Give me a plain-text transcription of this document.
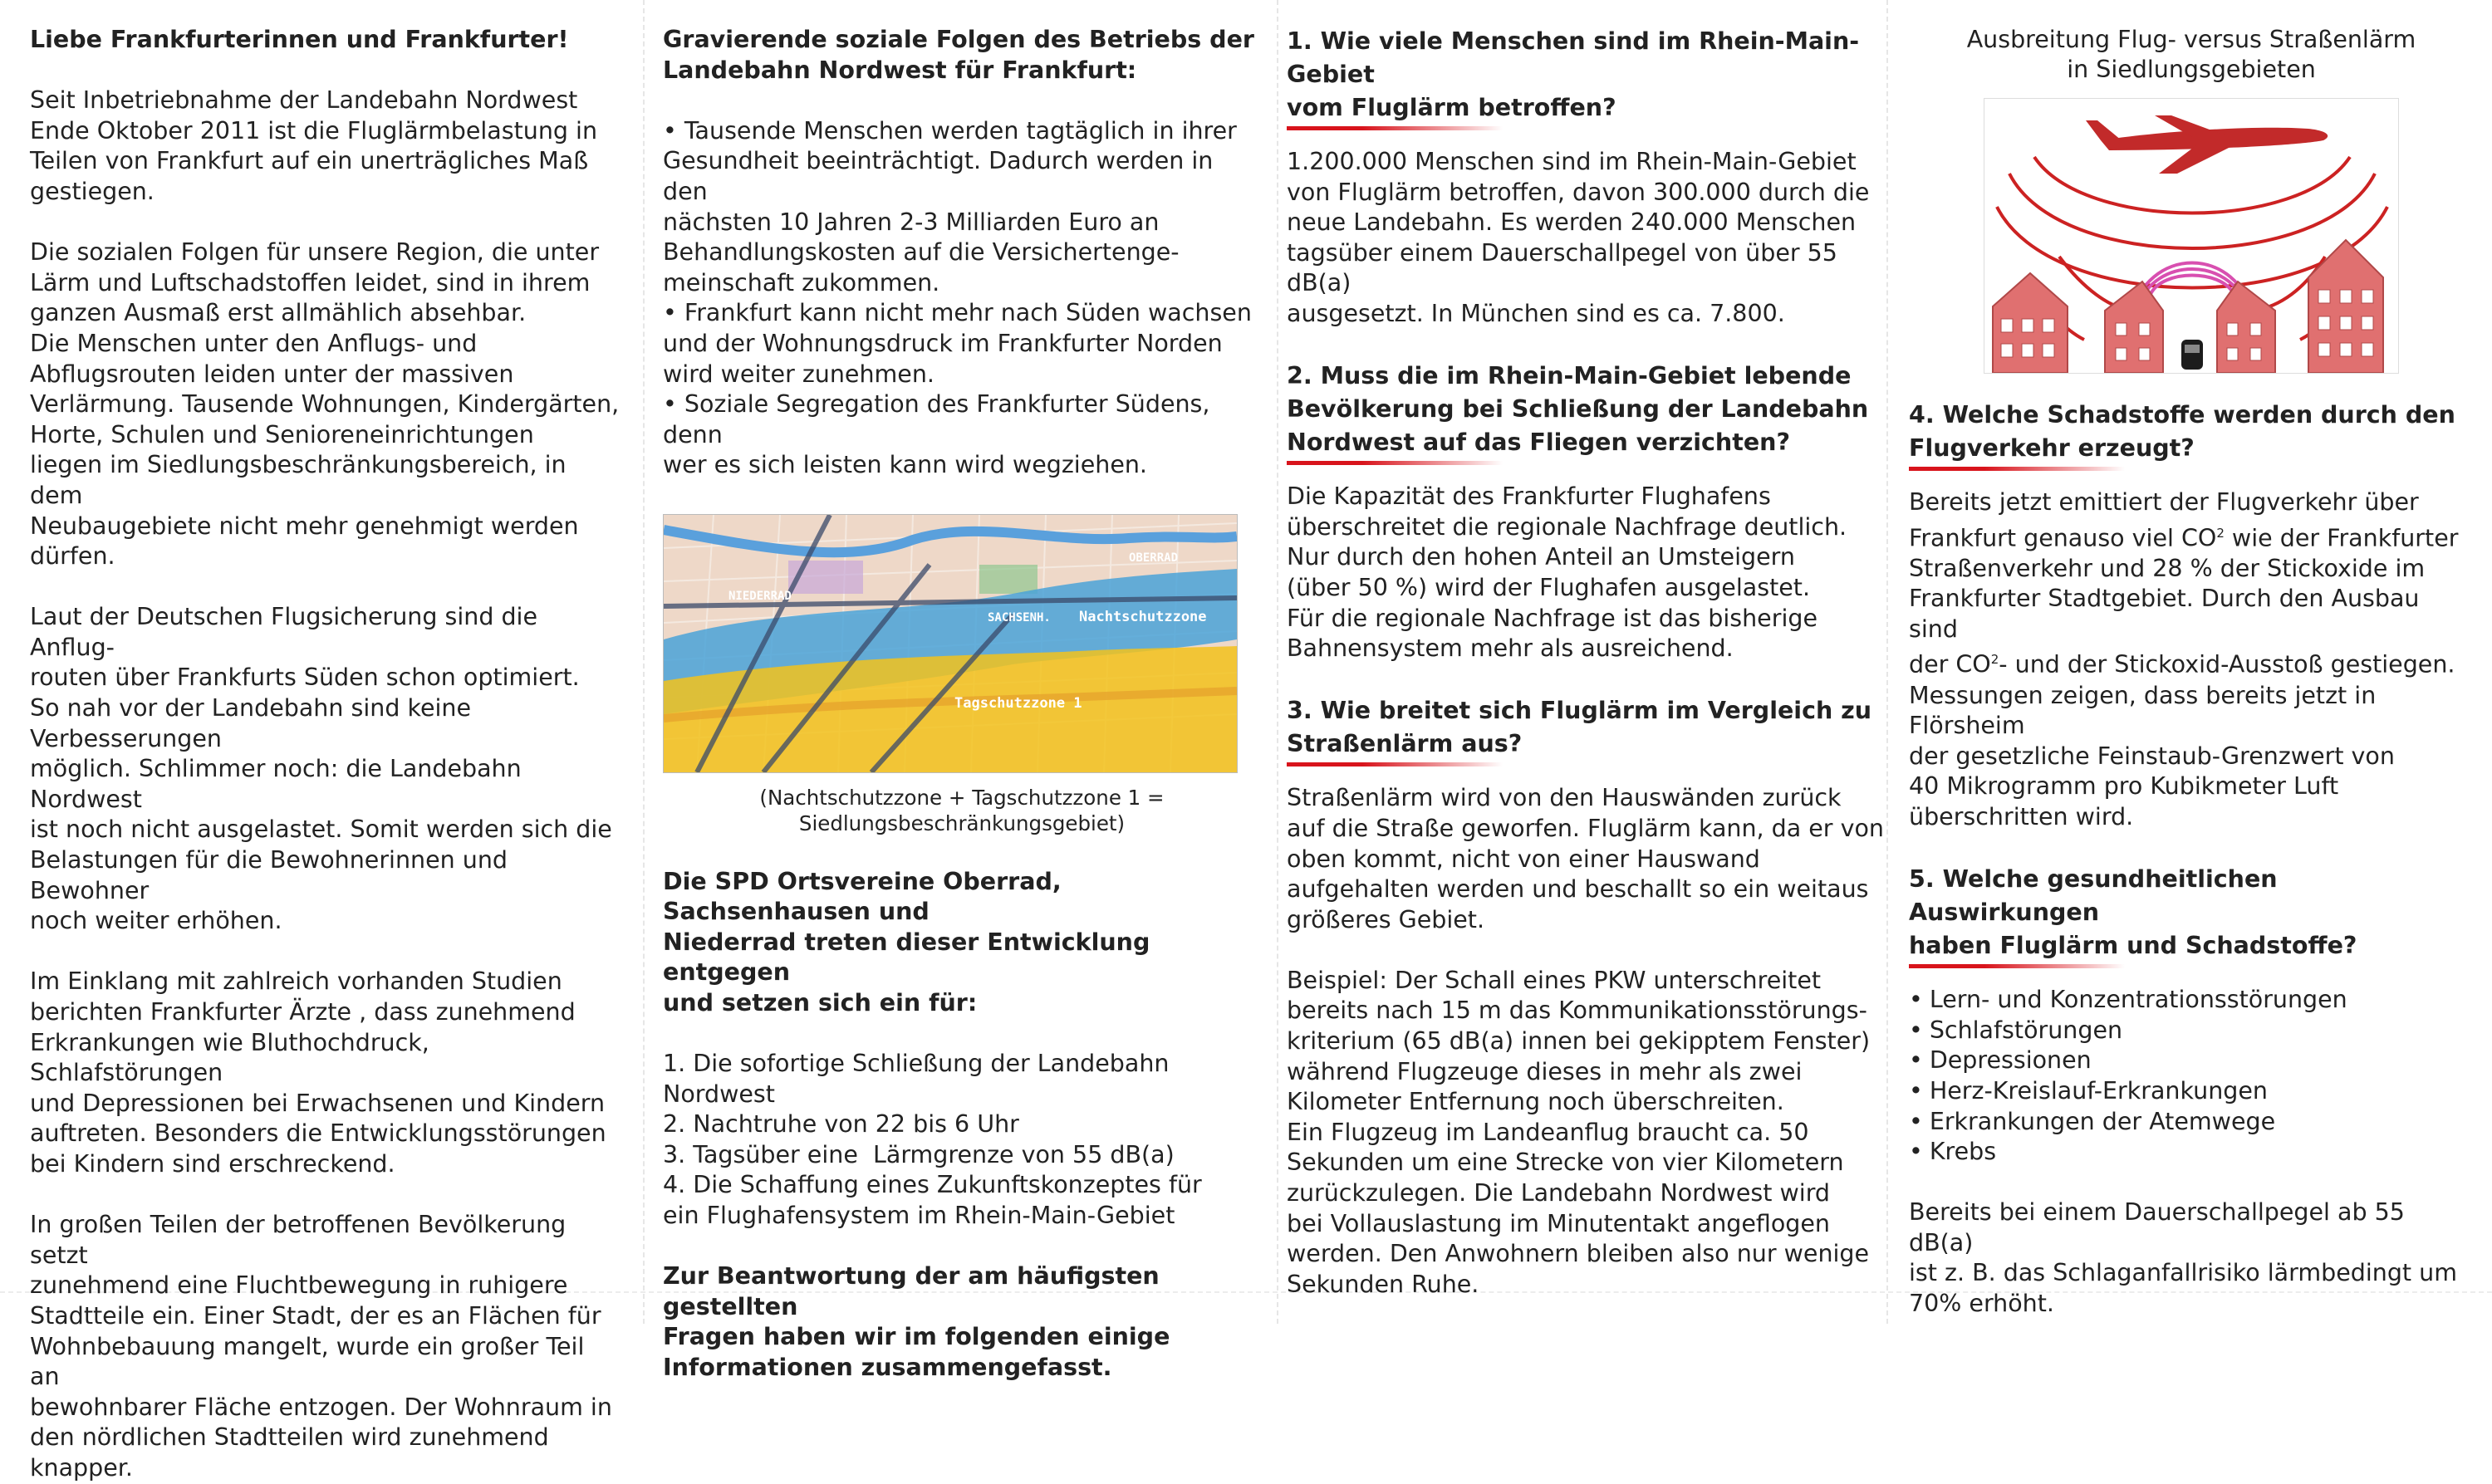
Liebe Frankfurterinnen und Frankfurter!

Seit Inbetriebnahme der Landebahn Nordwest
Ende Oktober 2011 ist die Fluglärmbelastung in
Teilen von Frankfurt auf ein unerträgliches Maß
gestiegen.

Die sozialen Folgen für unsere Region, die unter
Lärm und Luftschadstoffen leidet, sind in ihrem
ganzen Ausmaß erst allmählich absehbar.
Die Menschen unter den Anflugs- und
Abflugsrouten leiden unter der massiven
Verlärmung. Tausende Wohnungen, Kindergärten,
Horte, Schulen und Senioreneinrichtungen
liegen im Siedlungsbeschränkungsbereich, in dem
Neubaugebiete nicht mehr genehmigt werden
dürfen.

Laut der Deutschen Flugsicherung sind die Anflug-
routen über Frankfurts Süden schon optimiert.
So nah vor der Landebahn sind keine Verbesserungen
möglich. Schlimmer noch: die Landebahn Nordwest
ist noch nicht ausgelastet. Somit werden sich die
Belastungen für die Bewohnerinnen und Bewohner
noch weiter erhöhen.

Im Einklang mit zahlreich vorhanden Studien
berichten Frankfurter Ärzte , dass zunehmend
Erkrankungen wie Bluthochdruck, Schlafstörungen
und Depressionen bei Erwachsenen und Kindern
auftreten. Besonders die Entwicklungsstörungen
bei Kindern sind erschreckend.

In großen Teilen der betroffenen Bevölkerung setzt
zunehmend eine Fluchtbewegung in ruhigere
Stadtteile ein. Einer Stadt, der es an Flächen für
Wohnbebauung mangelt, wurde ein großer Teil an
bewohnbarer Fläche entzogen. Der Wohnraum in
den nördlichen Stadtteilen wird zunehmend
knapper.

Gravierende soziale Folgen des Betriebs der
Landebahn Nordwest für Frankfurt:

• Tausende Menschen werden tagtäglich in ihrer
Gesundheit beeinträchtigt. Dadurch werden in den
nächsten 10 Jahren 2-3 Milliarden Euro an
Behandlungskosten auf die Versichertenge-
meinschaft zukommen.

• Frankfurt kann nicht mehr nach Süden wachsen
und der Wohnungsdruck im Frankfurter Norden
wird weiter zunehmen.

• Soziale Segregation des Frankfurter Südens, denn
wer es sich leisten kann wird wegziehen.

NIEDERRAD
SACHSENH.
OBERRAD
Nachtschutzzone
Tagschutzzone 1

(Nachtschutzzone + Tagschutzzone 1 =
Siedlungsbeschränkungsgebiet)

Die SPD Ortsvereine Oberrad, Sachsenhausen und
Niederrad treten dieser Entwicklung entgegen
und setzen sich ein für:

1. Die sofortige Schließung der Landebahn
Nordwest
2. Nachtruhe von 22 bis 6 Uhr
3. Tagsüber eine  Lärmgrenze von 55 dB(a)
4. Die Schaffung eines Zukunftskonzeptes für
ein Flughafensystem im Rhein-Main-Gebiet

Zur Beantwortung der am häufigsten gestellten
Fragen haben wir im folgenden einige
Informationen zusammengefasst.

1. Wie viele Menschen sind im Rhein-Main-Gebiet
vom Fluglärm betroffen?

1.200.000 Menschen sind im Rhein-Main-Gebiet
von Fluglärm betroffen, davon 300.000 durch die
neue Landebahn. Es werden 240.000 Menschen
tagsüber einem Dauerschallpegel von über 55 dB(a)
ausgesetzt. In München sind es ca. 7.800.

2. Muss die im Rhein-Main-Gebiet lebende
Bevölkerung bei Schließung der Landebahn
Nordwest auf das Fliegen verzichten?

Die Kapazität des Frankfurter Flughafens
überschreitet die regionale Nachfrage deutlich.
Nur durch den hohen Anteil an Umsteigern
(über 50 %) wird der Flughafen ausgelastet.
Für die regionale Nachfrage ist das bisherige
Bahnensystem mehr als ausreichend.

3. Wie breitet sich Fluglärm im Vergleich zu
Straßenlärm aus?

Straßenlärm wird von den Hauswänden zurück
auf die Straße geworfen. Fluglärm kann, da er von
oben kommt, nicht von einer Hauswand
aufgehalten werden und beschallt so ein weitaus
größeres Gebiet.

Beispiel: Der Schall eines PKW unterschreitet
bereits nach 15 m das Kommunikationsstörungs-
kriterium (65 dB(a) innen bei gekipptem Fenster)
während Flugzeuge dieses in mehr als zwei
Kilometer Entfernung noch überschreiten.
Ein Flugzeug im Landeanflug braucht ca. 50
Sekunden um eine Strecke von vier Kilometern
zurückzulegen. Die Landebahn Nordwest wird
bei Vollauslastung im Minutentakt angeflogen
werden. Den Anwohnern bleiben also nur wenige
Sekunden Ruhe.

Ausbreitung Flug- versus Straßenlärm
in Siedlungsgebieten

4. Welche Schadstoffe werden durch den
Flugverkehr erzeugt?

Bereits jetzt emittiert der Flugverkehr über
Frankfurt genauso viel $CO^2$ wie der Frankfurter
Straßenverkehr und 28 % der Stickoxide im
Frankfurter Stadtgebiet. Durch den Ausbau sind
der $CO^2-$ und der Stickoxid-Ausstoß gestiegen.
Messungen zeigen, dass bereits jetzt in Flörsheim
der gesetzliche Feinstaub-Grenzwert von
40 Mikrogramm pro Kubikmeter Luft
überschritten wird.

5. Welche gesundheitlichen Auswirkungen
haben Fluglärm und Schadstoffe?
• Lern- und Konzentrationsstörungen
• Schlafstörungen
• Depressionen
• Herz-Kreislauf-Erkrankungen
• Erkrankungen der Atemwege
• Krebs

Bereits bei einem Dauerschallpegel ab 55 dB(a)
ist z. B. das Schlaganfallrisiko lärmbedingt um
70% erhöht.
